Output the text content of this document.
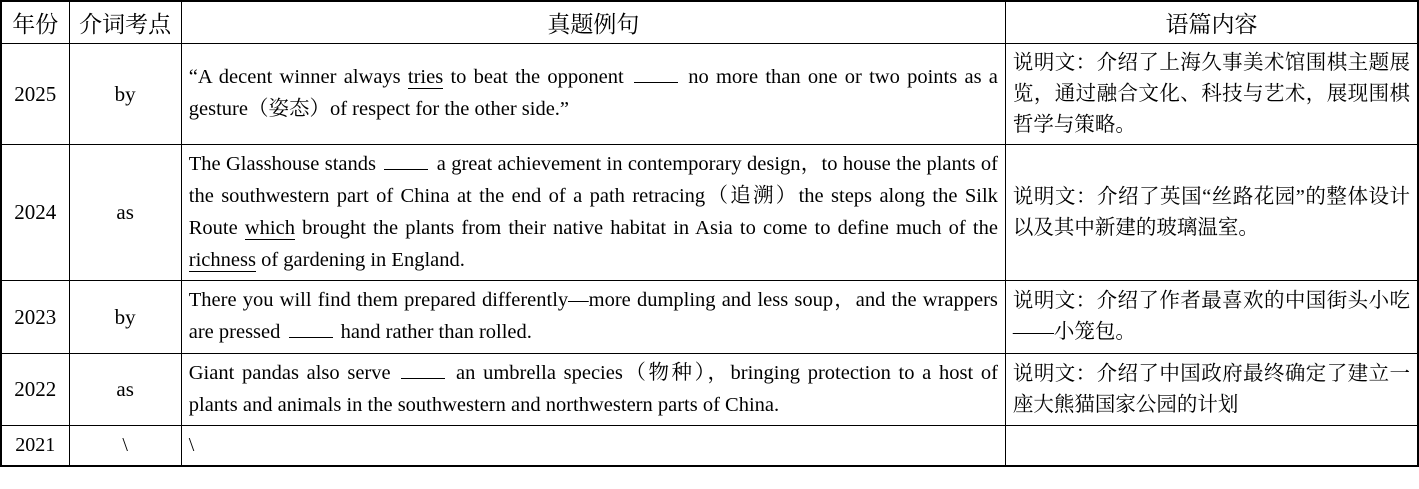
年份	介词考点	真题例句	语篇内容
2025	by	“A decent winner always tries to beat the opponent  no more than one or two points as a gesture（姿态）of respect for the other side.”	说明文：介绍了上海久事美术馆围棋主题展览，通过融合文化、科技与艺术，展现围棋哲学与策略。
2024	as	The Glasshouse stands  a great achievement in contemporary design，to house the plants of the southwestern part of China at the end of a path retracing（追溯）the steps along the Silk Route which brought the plants from their native habitat in Asia to come to define much of the richness of gardening in England.	说明文：介绍了英国“丝路花园”的整体设计以及其中新建的玻璃温室。
2023	by	There you will find them prepared differently—more dumpling and less soup，and the wrappers are pressed  hand rather than rolled.	说明文：介绍了作者最喜欢的中国街头小吃——小笼包。
2022	as	Giant pandas also serve  an umbrella species（物种），bringing protection to a host of plants and animals in the southwestern and northwestern parts of China.	说明文：介绍了中国政府最终确定了建立一座大熊猫国家公园的计划
2021	\	\	
